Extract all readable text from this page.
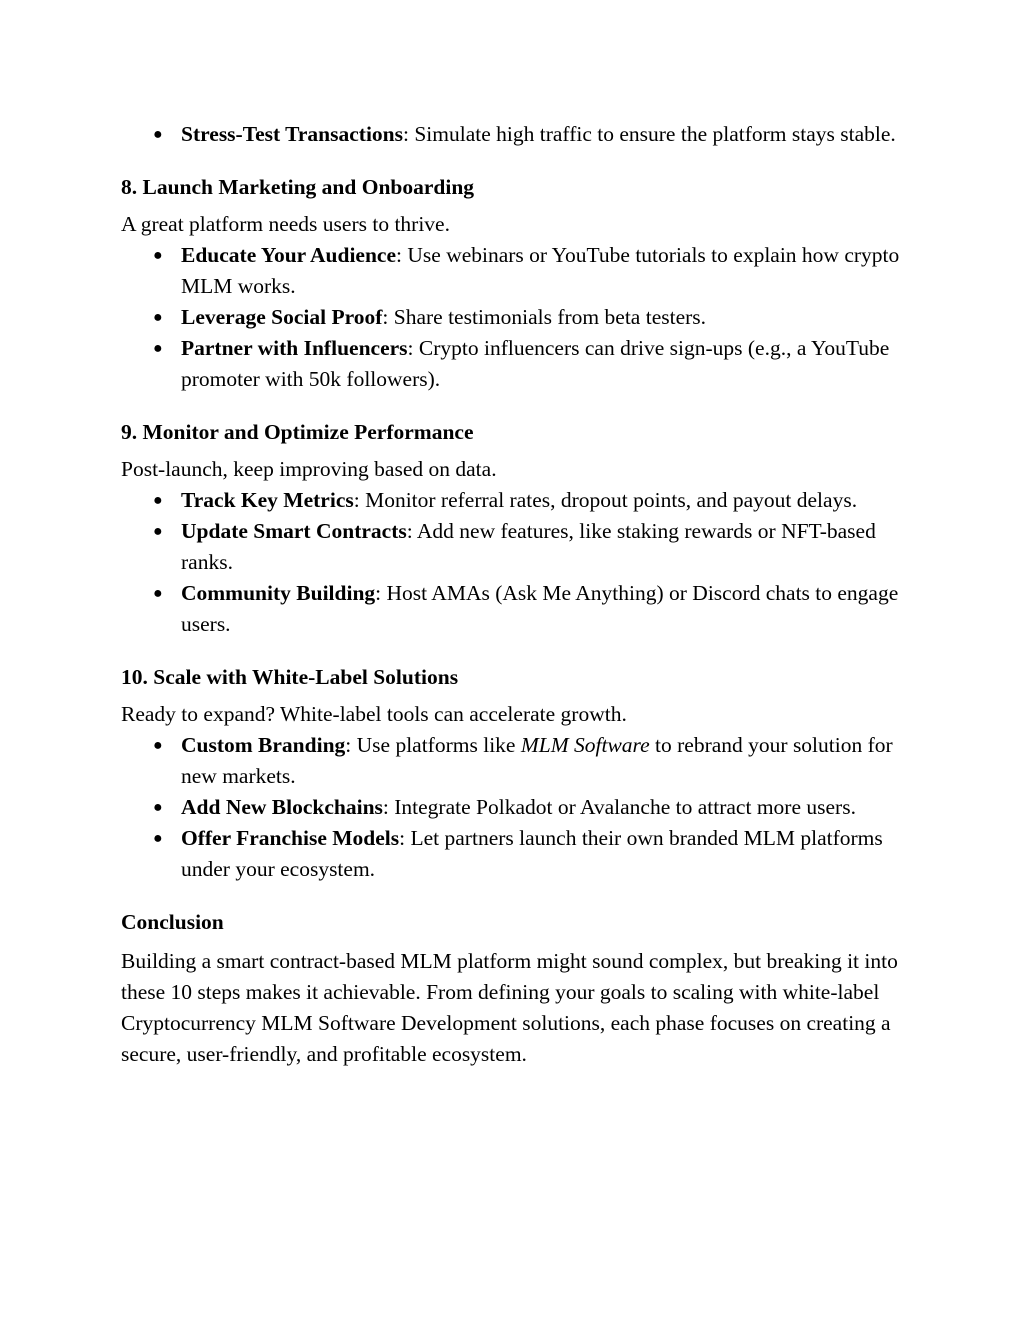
● Stress-Test Transactions: Simulate high traffic to ensure the platform stays stable.
8. Launch Marketing and Onboarding

A great platform needs users to thrive.

● Educate Your Audience: Use webinars or YouTube tutorials to explain how crypto MLM works.
● Leverage Social Proof: Share testimonials from beta testers.
● Partner with Influencers: Crypto influencers can drive sign-ups (e.g., a YouTube promoter with 50k followers).
9. Monitor and Optimize Performance

Post-launch, keep improving based on data.

● Track Key Metrics: Monitor referral rates, dropout points, and payout delays.
● Update Smart Contracts: Add new features, like staking rewards or NFT-based ranks.
● Community Building: Host AMAs (Ask Me Anything) or Discord chats to engage users.
10. Scale with White-Label Solutions

Ready to expand? White-label tools can accelerate growth.

● Custom Branding: Use platforms like MLM Software to rebrand your solution for new markets.
● Add New Blockchains: Integrate Polkadot or Avalanche to attract more users.
● Offer Franchise Models: Let partners launch their own branded MLM platforms under your ecosystem.
Conclusion

Building a smart contract-based MLM platform might sound complex, but breaking it into these 10 steps makes it achievable. From defining your goals to scaling with white-label Cryptocurrency MLM Software Development solutions, each phase focuses on creating a secure, user-friendly, and profitable ecosystem.
